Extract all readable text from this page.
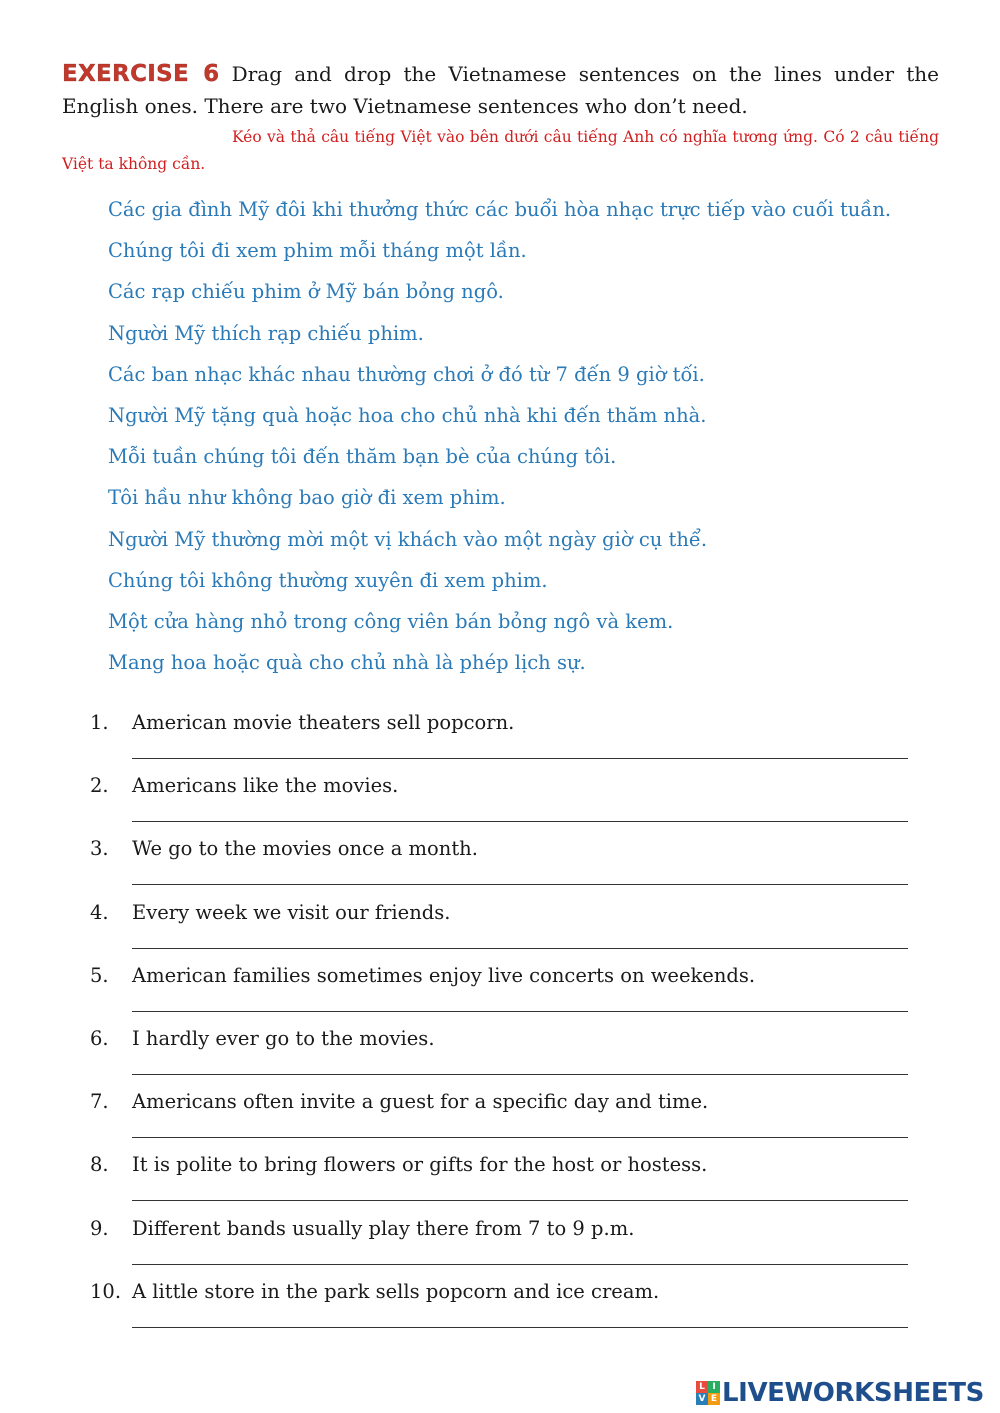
EXERCISE 6 Drag and drop the Vietnamese sentences on the lines under the English ones. There are two Vietnamese sentences who don’t need.
Kéo và thả câu tiếng Việt vào bên dưới câu tiếng Anh có nghĩa tương ứng. Có 2 câu tiếng Việt ta không cần.
Các gia đình Mỹ đôi khi thưởng thức các buổi hòa nhạc trực tiếp vào cuối tuần.
Chúng tôi đi xem phim mỗi tháng một lần.
Các rạp chiếu phim ở Mỹ bán bỏng ngô.
Người Mỹ thích rạp chiếu phim.
Các ban nhạc khác nhau thường chơi ở đó từ 7 đến 9 giờ tối.
Người Mỹ tặng quà hoặc hoa cho chủ nhà khi đến thăm nhà.
Mỗi tuần chúng tôi đến thăm bạn bè của chúng tôi.
Tôi hầu như không bao giờ đi xem phim.
Người Mỹ thường mời một vị khách vào một ngày giờ cụ thể.
Chúng tôi không thường xuyên đi xem phim.
Một cửa hàng nhỏ trong công viên bán bỏng ngô và kem.
Mang hoa hoặc quà cho chủ nhà là phép lịch sự.
1. American movie theaters sell popcorn.
2. Americans like the movies.
3. We go to the movies once a month.
4. Every week we visit our friends.
5. American families sometimes enjoy live concerts on weekends.
6. I hardly ever go to the movies.
7. Americans often invite a guest for a specific day and time.
8. It is polite to bring flowers or gifts for the host or hostess.
9. Different bands usually play there from 7 to 9 p.m.
10. A little store in the park sells popcorn and ice cream.
L I
V E LIVEWORKSHEETS
